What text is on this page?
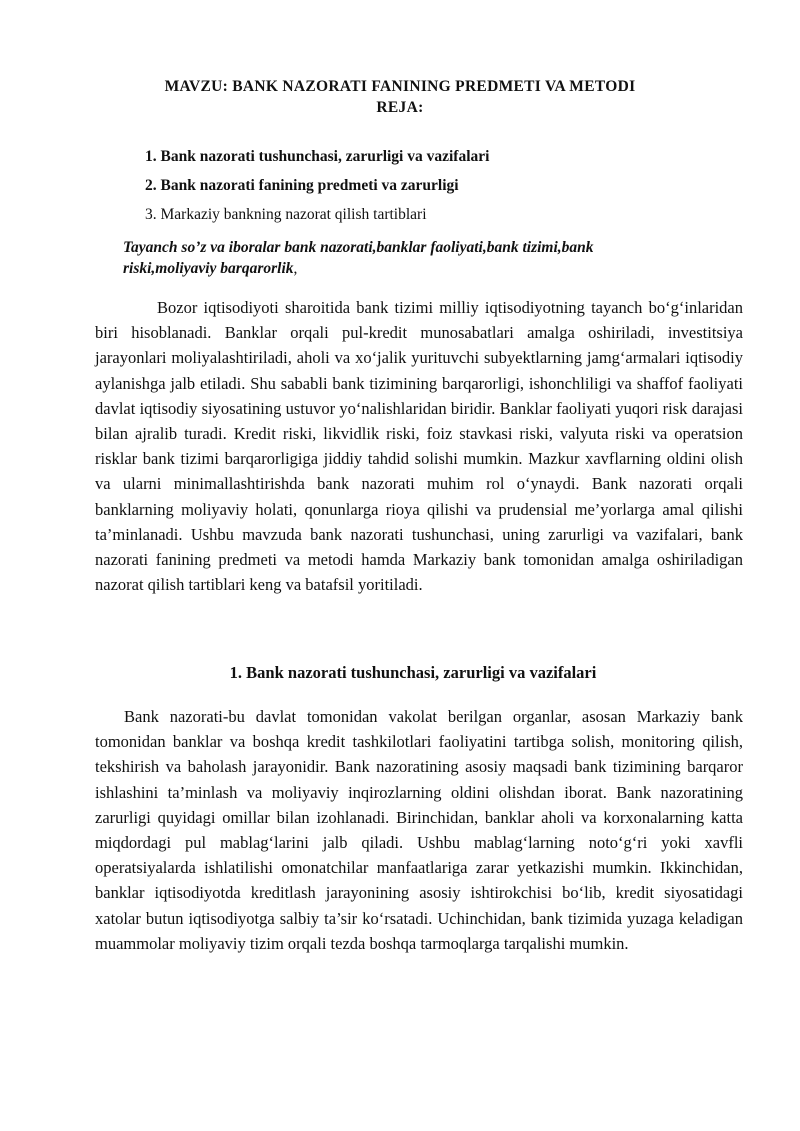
MAVZU: BANK NAZORATI FANINING PREDMETI VA METODI

REJA:

1. Bank nazorati tushunchasi, zarurligi va vazifalari
2. Bank nazorati fanining predmeti va zarurligi
3. Markaziy bankning nazorat qilish tartiblari

Tayanch so’z va iboralar bank nazorati,banklar faoliyati,bank tizimi,bank riski,moliyaviy barqarorlik,

Bozor iqtisodiyoti sharoitida bank tizimi milliy iqtisodiyotning tayanch bo‘g‘inlaridan biri hisoblanadi. Banklar orqali pul-kredit munosabatlari amalga oshiriladi, investitsiya jarayonlari moliyalashtiriladi, aholi va xo‘jalik yurituvchi subyektlarning jamg‘armalari iqtisodiy aylanishga jalb etiladi. Shu sababli bank tizimining barqarorligi, ishonchliligi va shaffof faoliyati davlat iqtisodiy siyosatining ustuvor yo‘nalishlaridan biridir. Banklar faoliyati yuqori risk darajasi bilan ajralib turadi. Kredit riski, likvidlik riski, foiz stavkasi riski, valyuta riski va operatsion risklar bank tizimi barqarorligiga jiddiy tahdid solishi mumkin. Mazkur xavflarning oldini olish va ularni minimallashtirishda bank nazorati muhim rol o‘ynaydi. Bank nazorati orqali banklarning moliyaviy holati, qonunlarga rioya qilishi va prudensial me’yorlarga amal qilishi ta’minlanadi. Ushbu mavzuda bank nazorati tushunchasi, uning zarurligi va vazifalari, bank nazorati fanining predmeti va metodi hamda Markaziy bank tomonidan amalga oshiriladigan nazorat qilish tartiblari keng va batafsil yoritiladi.

1. Bank nazorati tushunchasi, zarurligi va vazifalari

Bank nazorati-bu davlat tomonidan vakolat berilgan organlar, asosan Markaziy bank tomonidan banklar va boshqa kredit tashkilotlari faoliyatini tartibga solish, monitoring qilish, tekshirish va baholash jarayonidir. Bank nazoratining asosiy maqsadi bank tizimining barqaror ishlashini ta’minlash va moliyaviy inqirozlarning oldini olishdan iborat. Bank nazoratining zarurligi quyidagi omillar bilan izohlanadi. Birinchidan, banklar aholi va korxonalarning katta miqdordagi pul mablag‘larini jalb qiladi. Ushbu mablag‘larning noto‘g‘ri yoki xavfli operatsiyalarda ishlatilishi omonatchilar manfaatlariga zarar yetkazishi mumkin. Ikkinchidan, banklar iqtisodiyotda kreditlash jarayonining asosiy ishtirokchisi bo‘lib, kredit siyosatidagi xatolar butun iqtisodiyotga salbiy ta’sir ko‘rsatadi. Uchinchidan, bank tizimida yuzaga keladigan muammolar moliyaviy tizim orqali tezda boshqa tarmoqlarga tarqalishi mumkin.
